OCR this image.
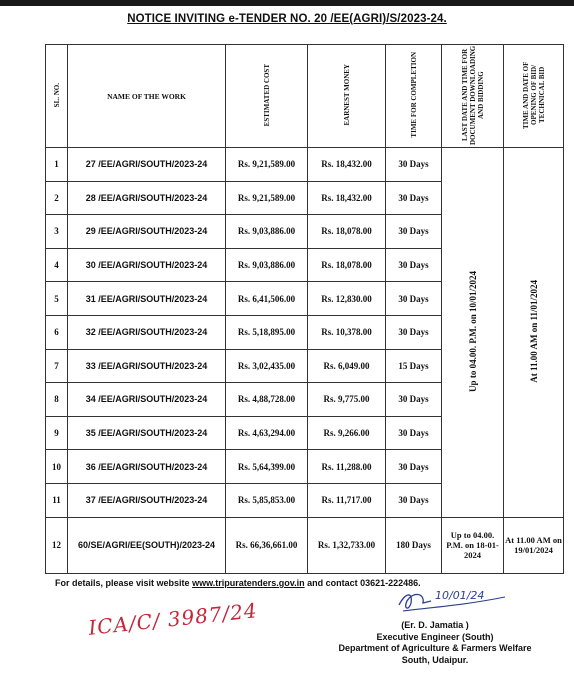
NOTICE INVITING e-TENDER NO. 20 /EE(AGRI)/S/2023-24.
SL. NO.	NAME OF THE WORK	ESTIMATED COST	EARNEST MONEY	TIME FOR COMPLETION	LAST DATE AND TIME FOR DOCUMENT DOWNLOADING AND BIDDING	TIME AND DATE OF OPENING OF BID/ TECHNICAL BID
1	27 /EE/AGRI/SOUTH/2023-24	Rs. 9,21,589.00	Rs. 18,432.00	30 Days	Up to 04.00. P.M. on 10/01/2024	At 11.00 AM on 11/01/2024
2	28 /EE/AGRI/SOUTH/2023-24	Rs. 9,21,589.00	Rs. 18,432.00	30 Days		
3	29 /EE/AGRI/SOUTH/2023-24	Rs. 9,03,886.00	Rs. 18,078.00	30 Days		
4	30 /EE/AGRI/SOUTH/2023-24	Rs. 9,03,886.00	Rs. 18,078.00	30 Days		
5	31 /EE/AGRI/SOUTH/2023-24	Rs. 6,41,506.00	Rs. 12,830.00	30 Days		
6	32 /EE/AGRI/SOUTH/2023-24	Rs. 5,18,895.00	Rs. 10,378.00	30 Days		
7	33 /EE/AGRI/SOUTH/2023-24	Rs. 3,02,435.00	Rs. 6,049.00	15 Days		
8	34 /EE/AGRI/SOUTH/2023-24	Rs. 4,88,728.00	Rs. 9,775.00	30 Days		
9	35 /EE/AGRI/SOUTH/2023-24	Rs. 4,63,294.00	Rs. 9,266.00	30 Days		
10	36 /EE/AGRI/SOUTH/2023-24	Rs. 5,64,399.00	Rs. 11,288.00	30 Days		
11	37 /EE/AGRI/SOUTH/2023-24	Rs. 5,85,853.00	Rs. 11,717.00	30 Days		
12	60/SE/AGRI/EE(SOUTH)/2023-24	Rs. 66,36,661.00	Rs. 1,32,733.00	180 Days	Up to 04.00. P.M. on 18-01-2024	At 11.00 AM on 19/01/2024
For details, please visit website www.tripuratenders.gov.in and contact 03621-222486.
ICA/C/ 3987/24
10/01/24
(Er. D. Jamatia )
Executive Engineer (South)
Department of Agriculture & Farmers Welfare
South, Udaipur.
